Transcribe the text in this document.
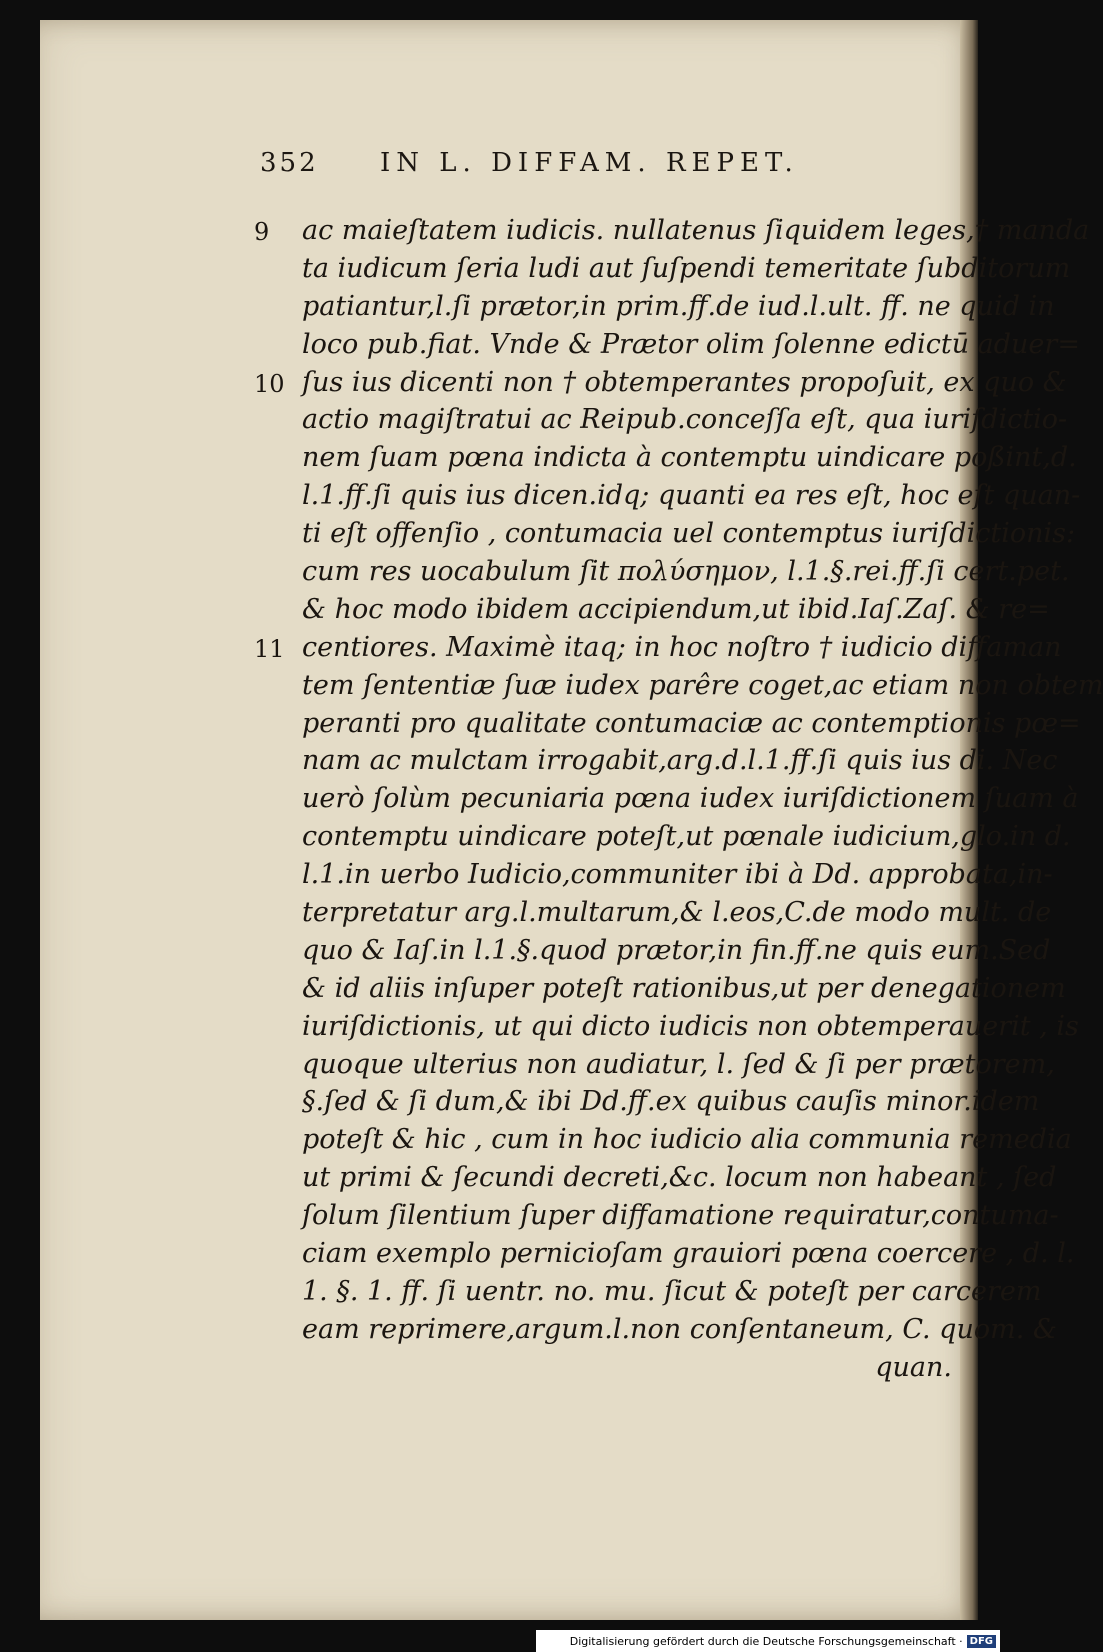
352	IN L. DIFFAM. REPET.
9 ac maieſtatem iudicis. nullatenus ſiquidem leges,† manda
ta iudicum ſeria ludi aut ſuſpendi temeritate ſubditorum
patiantur,l.ſi prætor,in prim.ff.de iud.l.ult. ff. ne quid in
loco pub.fiat. Vnde & Prætor olim ſolenne edictū aduer=
10 ſus ius dicenti non † obtemperantes propoſuit, ex quo &
actio magiſtratui ac Reipub.conceſſa eſt, qua iuriſdictio-
nem ſuam pœna indicta à contemptu uindicare poßint,d.
l.1.ff.ſi quis ius dicen.idq; quanti ea res eſt, hoc eſt quan-
ti eſt offenſio , contumacia uel contemptus iuriſdictionis:
cum res uocabulum ſit πολύσημον, l.1.§.rei.ff.ſi cert.pet.
& hoc modo ibidem accipiendum,ut ibid.Iaſ.Zaſ. & re=
11 centiores. Maximè itaq; in hoc noſtro † iudicio diffaman
tem ſententiæ ſuæ iudex parêre coget,ac etiam non obtem
peranti pro qualitate contumaciæ ac contemptionis pœ=
nam ac mulctam irrogabit,arg.d.l.1.ff.ſi quis ius di. Nec
uerò ſolùm pecuniaria pœna iudex iuriſdictionem ſuam à
contemptu uindicare poteſt,ut pœnale iudicium,glo.in d.
l.1.in uerbo Iudicio,communiter ibi à Dd. approbata,in-
terpretatur arg.l.multarum,& l.eos,C.de modo mult. de
quo & Iaſ.in l.1.§.quod prætor,in fin.ff.ne quis eum.Sed
& id aliis inſuper poteſt rationibus,ut per denegationem
iuriſdictionis, ut qui dicto iudicis non obtemperauerit , is
quoque ulterius non audiatur, l. ſed & ſi per prætorem,
§.ſed & ſi dum,& ibi Dd.ff.ex quibus cauſis minor.idem
poteſt & hic , cum in hoc iudicio alia communia remedia
ut primi & ſecundi decreti,&c. locum non habeant , ſed
ſolum ſilentium ſuper diffamatione requiratur,contuma-
ciam exemplo pernicioſam grauiori pœna coercere , d. l.
1. §. 1. ff. ſi uentr. no. mu. ſicut & poteſt per carcerem
eam reprimere,argum.l.non conſentaneum, C. quom. &
quan.
Digitalisierung gefördert durch die Deutsche Forschungsgemeinschaft · DFG
